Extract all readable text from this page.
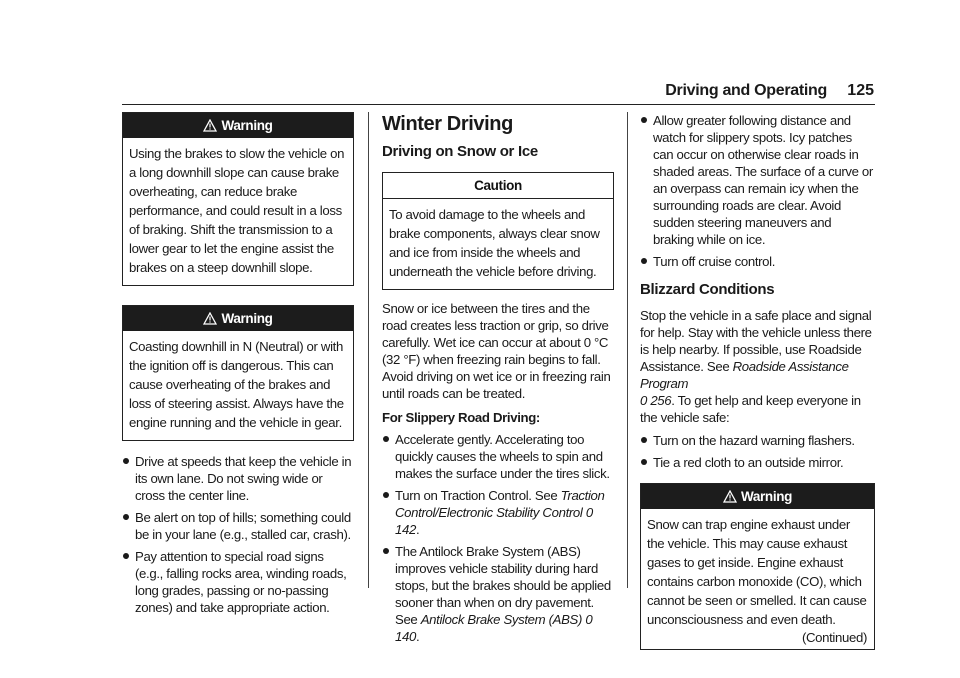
Driving and Operating 125
Warning
Using the brakes to slow the vehicle on a long downhill slope can cause brake overheating, can reduce brake performance, and could result in a loss of braking. Shift the transmission to a lower gear to let the engine assist the brakes on a steep downhill slope.
Warning
Coasting downhill in N (Neutral) or with the ignition off is dangerous. This can cause overheating of the brakes and loss of steering assist. Always have the engine running and the vehicle in gear.
Drive at speeds that keep the vehicle in its own lane. Do not swing wide or cross the center line.
Be alert on top of hills; something could be in your lane (e.g., stalled car, crash).
Pay attention to special road signs (e.g., falling rocks area, winding roads, long grades, passing or no-passing zones) and take appropriate action.
Winter Driving
Driving on Snow or Ice
Caution
To avoid damage to the wheels and brake components, always clear snow and ice from inside the wheels and underneath the vehicle before driving.

Snow or ice between the tires and the road creates less traction or grip, so drive carefully. Wet ice can occur at about 0 °C (32 °F) when freezing rain begins to fall. Avoid driving on wet ice or in freezing rain until roads can be treated.

For Slippery Road Driving:

Accelerate gently. Accelerating too quickly causes the wheels to spin and makes the surface under the tires slick.
Turn on Traction Control. See Traction Control/Electronic Stability Control 0 142.
The Antilock Brake System (ABS) improves vehicle stability during hard stops, but the brakes should be applied sooner than when on dry pavement. See Antilock Brake System (ABS) 0 140.
Allow greater following distance and watch for slippery spots. Icy patches can occur on otherwise clear roads in shaded areas. The surface of a curve or an overpass can remain icy when the surrounding roads are clear. Avoid sudden steering maneuvers and braking while on ice.
Turn off cruise control.
Blizzard Conditions

Stop the vehicle in a safe place and signal for help. Stay with the vehicle unless there is help nearby. If possible, use Roadside Assistance. See Roadside Assistance Program
0 256. To get help and keep everyone in the vehicle safe:

Turn on the hazard warning flashers.
Tie a red cloth to an outside mirror.
Warning
Snow can trap engine exhaust under the vehicle. This may cause exhaust gases to get inside. Engine exhaust contains carbon monoxide (CO), which cannot be seen or smelled. It can cause unconsciousness and even death.
(Continued)
